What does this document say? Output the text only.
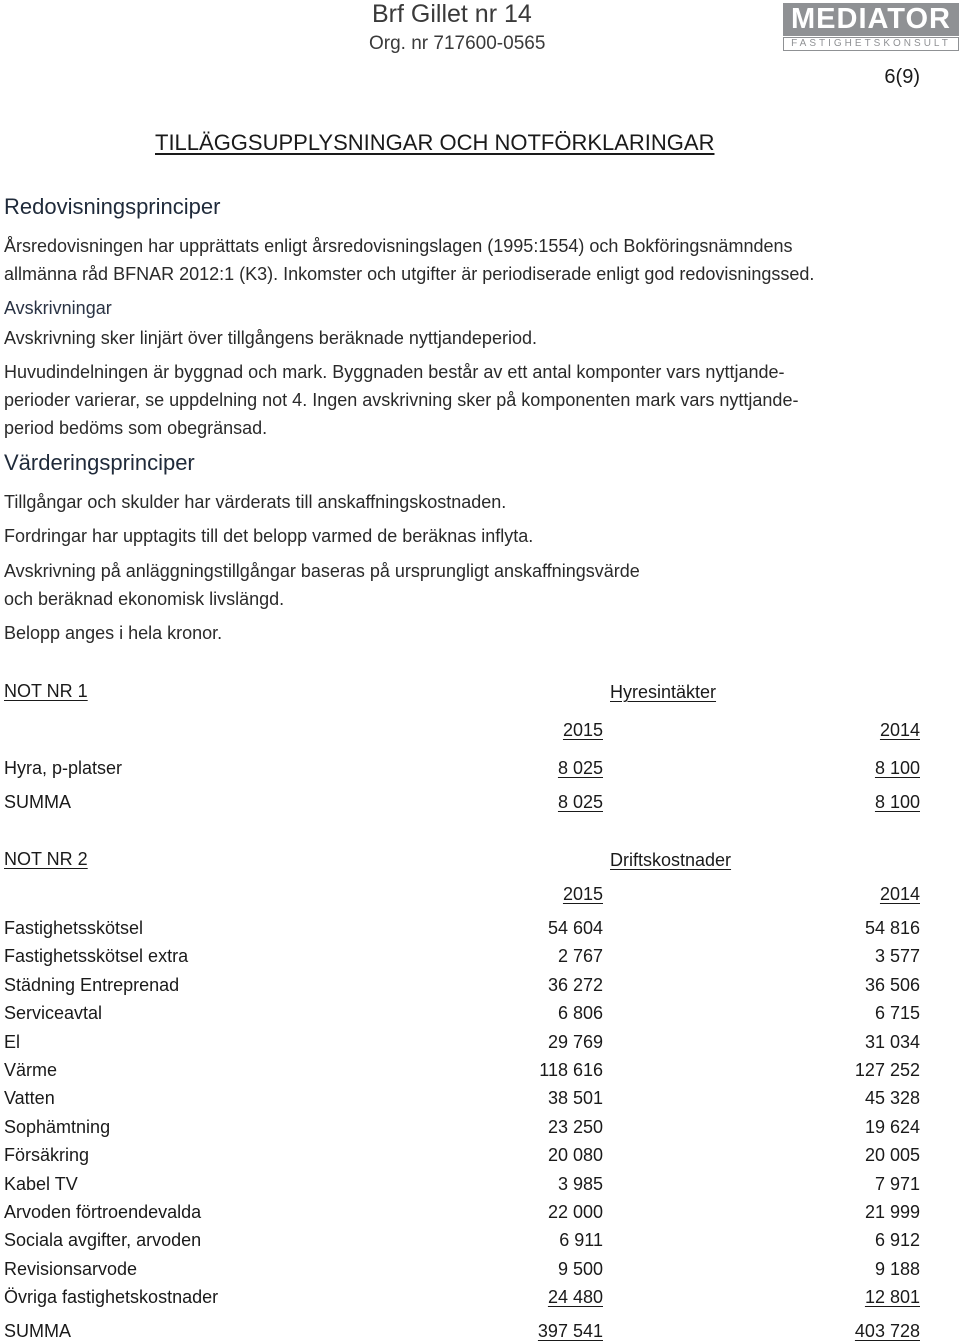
Brf Gillet nr 14
Org. nr 717600-0565
MEDIATOR
FASTIGHETSKONSULT
6(9)
TILLÄGGSUPPLYSNINGAR OCH NOTFÖRKLARINGAR
Redovisningsprinciper
Årsredovisningen har upprättats enligt årsredovisningslagen (1995:1554) och Bokföringsnämndens
allmänna råd BFNAR 2012:1 (K3). Inkomster och utgifter är periodiserade enligt god redovisningssed.
Avskrivningar
Avskrivning sker linjärt över tillgångens beräknade nyttjandeperiod.
Huvudindelningen är byggnad och mark. Byggnaden består av ett antal komponter vars nyttjande-
perioder varierar, se uppdelning not 4. Ingen avskrivning sker på komponenten mark vars nyttjande-
period bedöms som obegränsad.
Värderingsprinciper
Tillgångar och skulder har värderats till anskaffningskostnaden.
Fordringar har upptagits till det belopp varmed de beräknas inflyta.
Avskrivning på anläggningstillgångar baseras på ursprungligt anskaffningsvärde
och beräknad ekonomisk livslängd.
Belopp anges i hela kronor.
NOT NR 1	Hyresintäkter
2015	2014
Hyra, p-platser	8 025	8 100
SUMMA	8 025	8 100
NOT NR 2	Driftskostnader
2015	2014
Fastighetsskötsel	54 604	54 816
Fastighetsskötsel extra	2 767	3 577
Städning Entreprenad	36 272	36 506
Serviceavtal	6 806	6 715
El	29 769	31 034
Värme	118 616	127 252
Vatten	38 501	45 328
Sophämtning	23 250	19 624
Försäkring	20 080	20 005
Kabel TV	3 985	7 971
Arvoden förtroendevalda	22 000	21 999
Sociala avgifter, arvoden	6 911	6 912
Revisionsarvode	9 500	9 188
Övriga fastighetskostnader	24 480	12 801
SUMMA	397 541	403 728
